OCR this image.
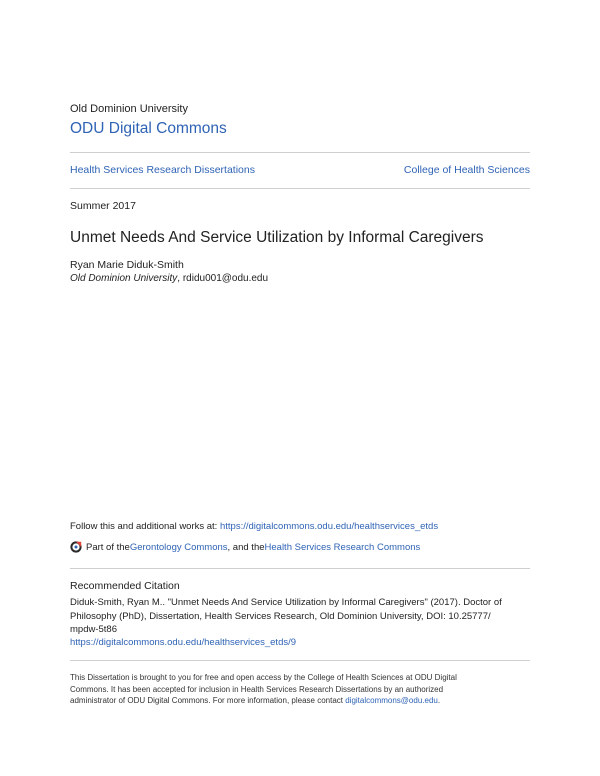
Old Dominion University
ODU Digital Commons
Health Services Research Dissertations	College of Health Sciences
Summer 2017
Unmet Needs And Service Utilization by Informal Caregivers
Ryan Marie Diduk-Smith
Old Dominion University, rdidu001@odu.edu
Follow this and additional works at: https://digitalcommons.odu.edu/healthservices_etds
Part of the Gerontology Commons , and the Health Services Research Commons
Recommended Citation
Diduk-Smith, Ryan M.. "Unmet Needs And Service Utilization by Informal Caregivers" (2017). Doctor of
Philosophy (PhD), Dissertation, Health Services Research, Old Dominion University, DOI: 10.25777/
mpdw-5t86
https://digitalcommons.odu.edu/healthservices_etds/9
This Dissertation is brought to you for free and open access by the College of Health Sciences at ODU Digital
Commons. It has been accepted for inclusion in Health Services Research Dissertations by an authorized
administrator of ODU Digital Commons. For more information, please contact digitalcommons@odu.edu.
